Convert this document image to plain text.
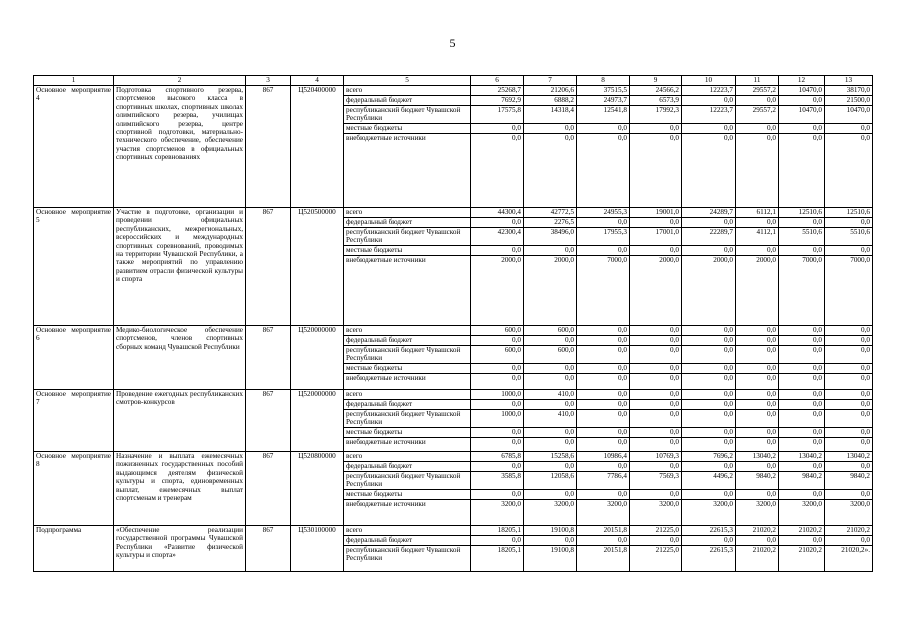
5
1	2	3	4	5	6	7	8	9	10	11	12	13
Основное мероприятие 4	Подготовка спортивного резерва, спортсменов высокого класса в спортивных школах, спортивных школах олимпийского резерва, училищах олимпийского резерва, центре спортивной подготовки, материально-технического обеспечение, обеспечение участия спортсменов в официальных спортивных соревнованиях	867	Ц520400000	всего	25268,7	21206,6	37515,5	24566,2	12223,7	29557,2	10470,0	38170,0
				федеральный бюджет	7692,9	6888,2	24973,7	6573,9	0,0	0,0	0,0	21500,0
				республиканский бюджет Чувашской Республики	17575,8	14318,4	12541,8	17992,3	12223,7	29557,2	10470,0	10470,0
				местные бюджеты	0,0	0,0	0,0	0,0	0,0	0,0	0,0	0,0
				внебюджетные источники	0,0	0,0	0,0	0,0	0,0	0,0	0,0	0,0
Основное мероприятие 5	Участие в подготовке, организации и проведении официальных республиканских, межрегиональных, всероссийских и международных спортивных соревнований, проводимых на территории Чувашской Республики, а также мероприятий по управлению развитием отрасли физической культуры и спорта	867	Ц520500000	всего	44300,4	42772,5	24955,3	19001,0	24289,7	6112,1	12510,6	12510,6
				федеральный бюджет	0,0	2276,5	0,0	0,0	0,0	0,0	0,0	0,0
				республиканский бюджет Чувашской Республики	42300,4	38496,0	17955,3	17001,0	22289,7	4112,1	5510,6	5510,6
				местные бюджеты	0,0	0,0	0,0	0,0	0,0	0,0	0,0	0,0
				внебюджетные источники	2000,0	2000,0	7000,0	2000,0	2000,0	2000,0	7000,0	7000,0
Основное мероприятие 6	Медико-биологическое обеспечение спортсменов, членов спортивных сборных команд Чувашской Республики	867	Ц520000000	всего	600,0	600,0	0,0	0,0	0,0	0,0	0,0	0,0
				федеральный бюджет	0,0	0,0	0,0	0,0	0,0	0,0	0,0	0,0
				республиканский бюджет Чувашской Республики	600,0	600,0	0,0	0,0	0,0	0,0	0,0	0,0
				местные бюджеты	0,0	0,0	0,0	0,0	0,0	0,0	0,0	0,0
				внебюджетные источники	0,0	0,0	0,0	0,0	0,0	0,0	0,0	0,0
Основное мероприятие 7	Проведение ежегодных республиканских смотров-конкурсов	867	Ц520000000	всего	1000,0	410,0	0,0	0,0	0,0	0,0	0,0	0,0
				федеральный бюджет	0,0	0,0	0,0	0,0	0,0	0,0	0,0	0,0
				республиканский бюджет Чувашской Республики	1000,0	410,0	0,0	0,0	0,0	0,0	0,0	0,0
				местные бюджеты	0,0	0,0	0,0	0,0	0,0	0,0	0,0	0,0
				внебюджетные источники	0,0	0,0	0,0	0,0	0,0	0,0	0,0	0,0
Основное мероприятие 8	Назначение и выплата ежемесячных пожизненных государственных пособий выдающимся деятелям физической культуры и спорта, единовременных выплат, ежемесячных выплат спортсменам и тренерам	867	Ц520800000	всего	6785,8	15258,6	10986,4	10769,3	7696,2	13040,2	13040,2	13040,2
				федеральный бюджет	0,0	0,0	0,0	0,0	0,0	0,0	0,0	0,0
				республиканский бюджет Чувашской Республики	3585,8	12058,6	7786,4	7569,3	4496,2	9840,2	9840,2	9840,2
				местные бюджеты	0,0	0,0	0,0	0,0	0,0	0,0	0,0	0,0
				внебюджетные источники	3200,0	3200,0	3200,0	3200,0	3200,0	3200,0	3200,0	3200,0
Подпрограмма	«Обеспечение реализации государственной программы Чувашской Республики «Развитие физической культуры и спорта»	867	Ц530100000	всего	18205,1	19100,8	20151,8	21225,0	22615,3	21020,2	21020,2	21020,2
				федеральный бюджет	0,0	0,0	0,0	0,0	0,0	0,0	0,0	0,0
				республиканский бюджет Чувашской Республики	18205,1	19100,8	20151,8	21225,0	22615,3	21020,2	21020,2	21020,2».
